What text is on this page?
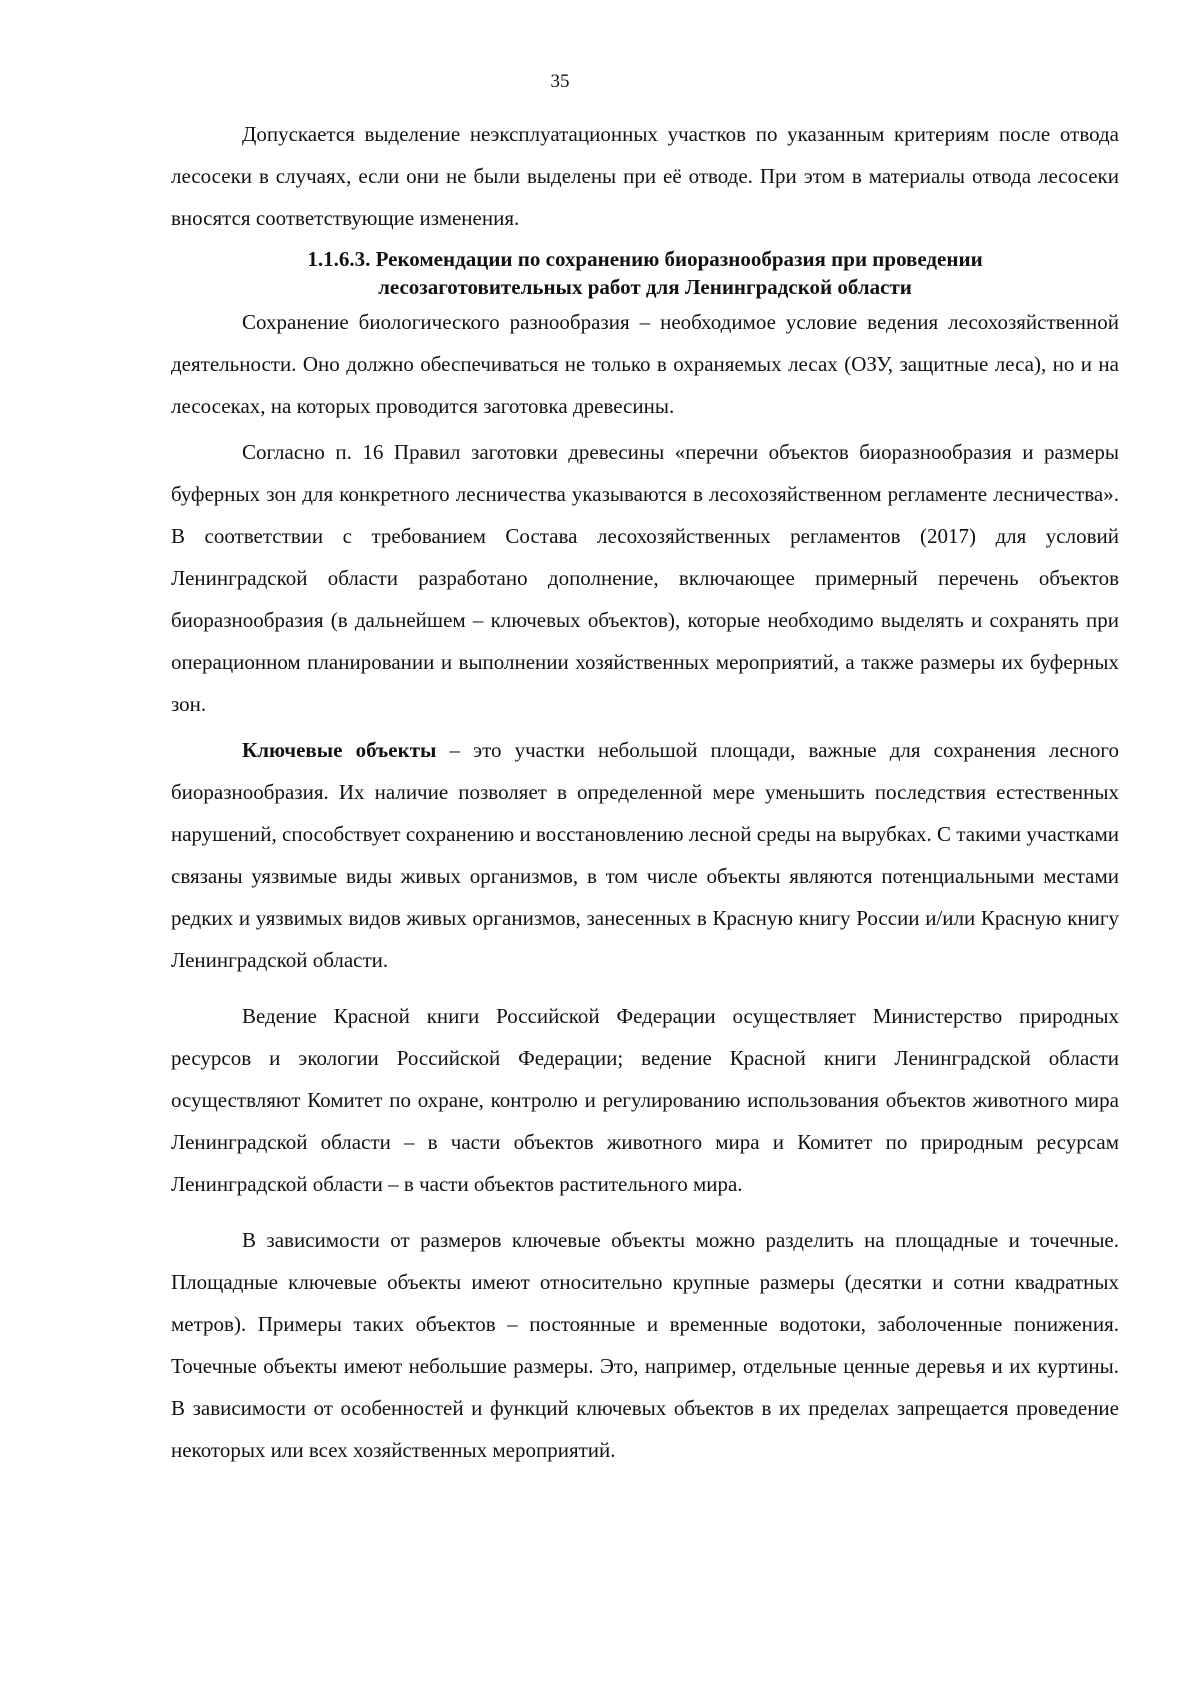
35

Допускается выделение неэксплуатационных участков по указанным критериям после отвода лесосеки в случаях, если они не были выделены при её отводе. При этом в материалы отвода лесосеки вносятся соответствующие изменения.

1.1.6.3. Рекомендации по сохранению биоразнообразия при проведении
лесозаготовительных работ для Ленинградской области

Сохранение биологического разнообразия – необходимое условие ведения лесохозяйственной деятельности. Оно должно обеспечиваться не только в охраняемых лесах (ОЗУ, защитные леса), но и на лесосеках, на которых проводится заготовка древесины.

Согласно п. 16 Правил заготовки древесины «перечни объектов биоразнообразия и размеры буферных зон для конкретного лесничества указываются в лесохозяйственном регламенте лесничества». В соответствии с требованием Состава лесохозяйственных регламентов (2017) для условий Ленинградской области разработано дополнение, включающее примерный перечень объектов биоразнообразия (в дальнейшем – ключевых объектов), которые необходимо выделять и сохранять при операционном планировании и выполнении хозяйственных мероприятий, а также размеры их буферных зон.

Ключевые объекты – это участки небольшой площади, важные для сохранения лесного биоразнообразия. Их наличие позволяет в определенной мере уменьшить последствия естественных нарушений, способствует сохранению и восстановлению лесной среды на вырубках. С такими участками связаны уязвимые виды живых организмов, в том числе объекты являются потенциальными местами редких и уязвимых видов живых организмов, занесенных в Красную книгу России и/или Красную книгу Ленинградской области.

Ведение Красной книги Российской Федерации осуществляет Министерство природных ресурсов и экологии Российской Федерации; ведение Красной книги Ленинградской области осуществляют Комитет по охране, контролю и регулированию использования объектов животного мира Ленинградской области – в части объектов животного мира и Комитет по природным ресурсам Ленинградской области – в части объектов растительного мира.

В зависимости от размеров ключевые объекты можно разделить на площадные и точечные. Площадные ключевые объекты имеют относительно крупные размеры (десятки и сотни квадратных метров). Примеры таких объектов – постоянные и временные водотоки, заболоченные понижения. Точечные объекты имеют небольшие размеры. Это, например, отдельные ценные деревья и их куртины. В зависимости от особенностей и функций ключевых объектов в их пределах запрещается проведение некоторых или всех хозяйственных мероприятий.
